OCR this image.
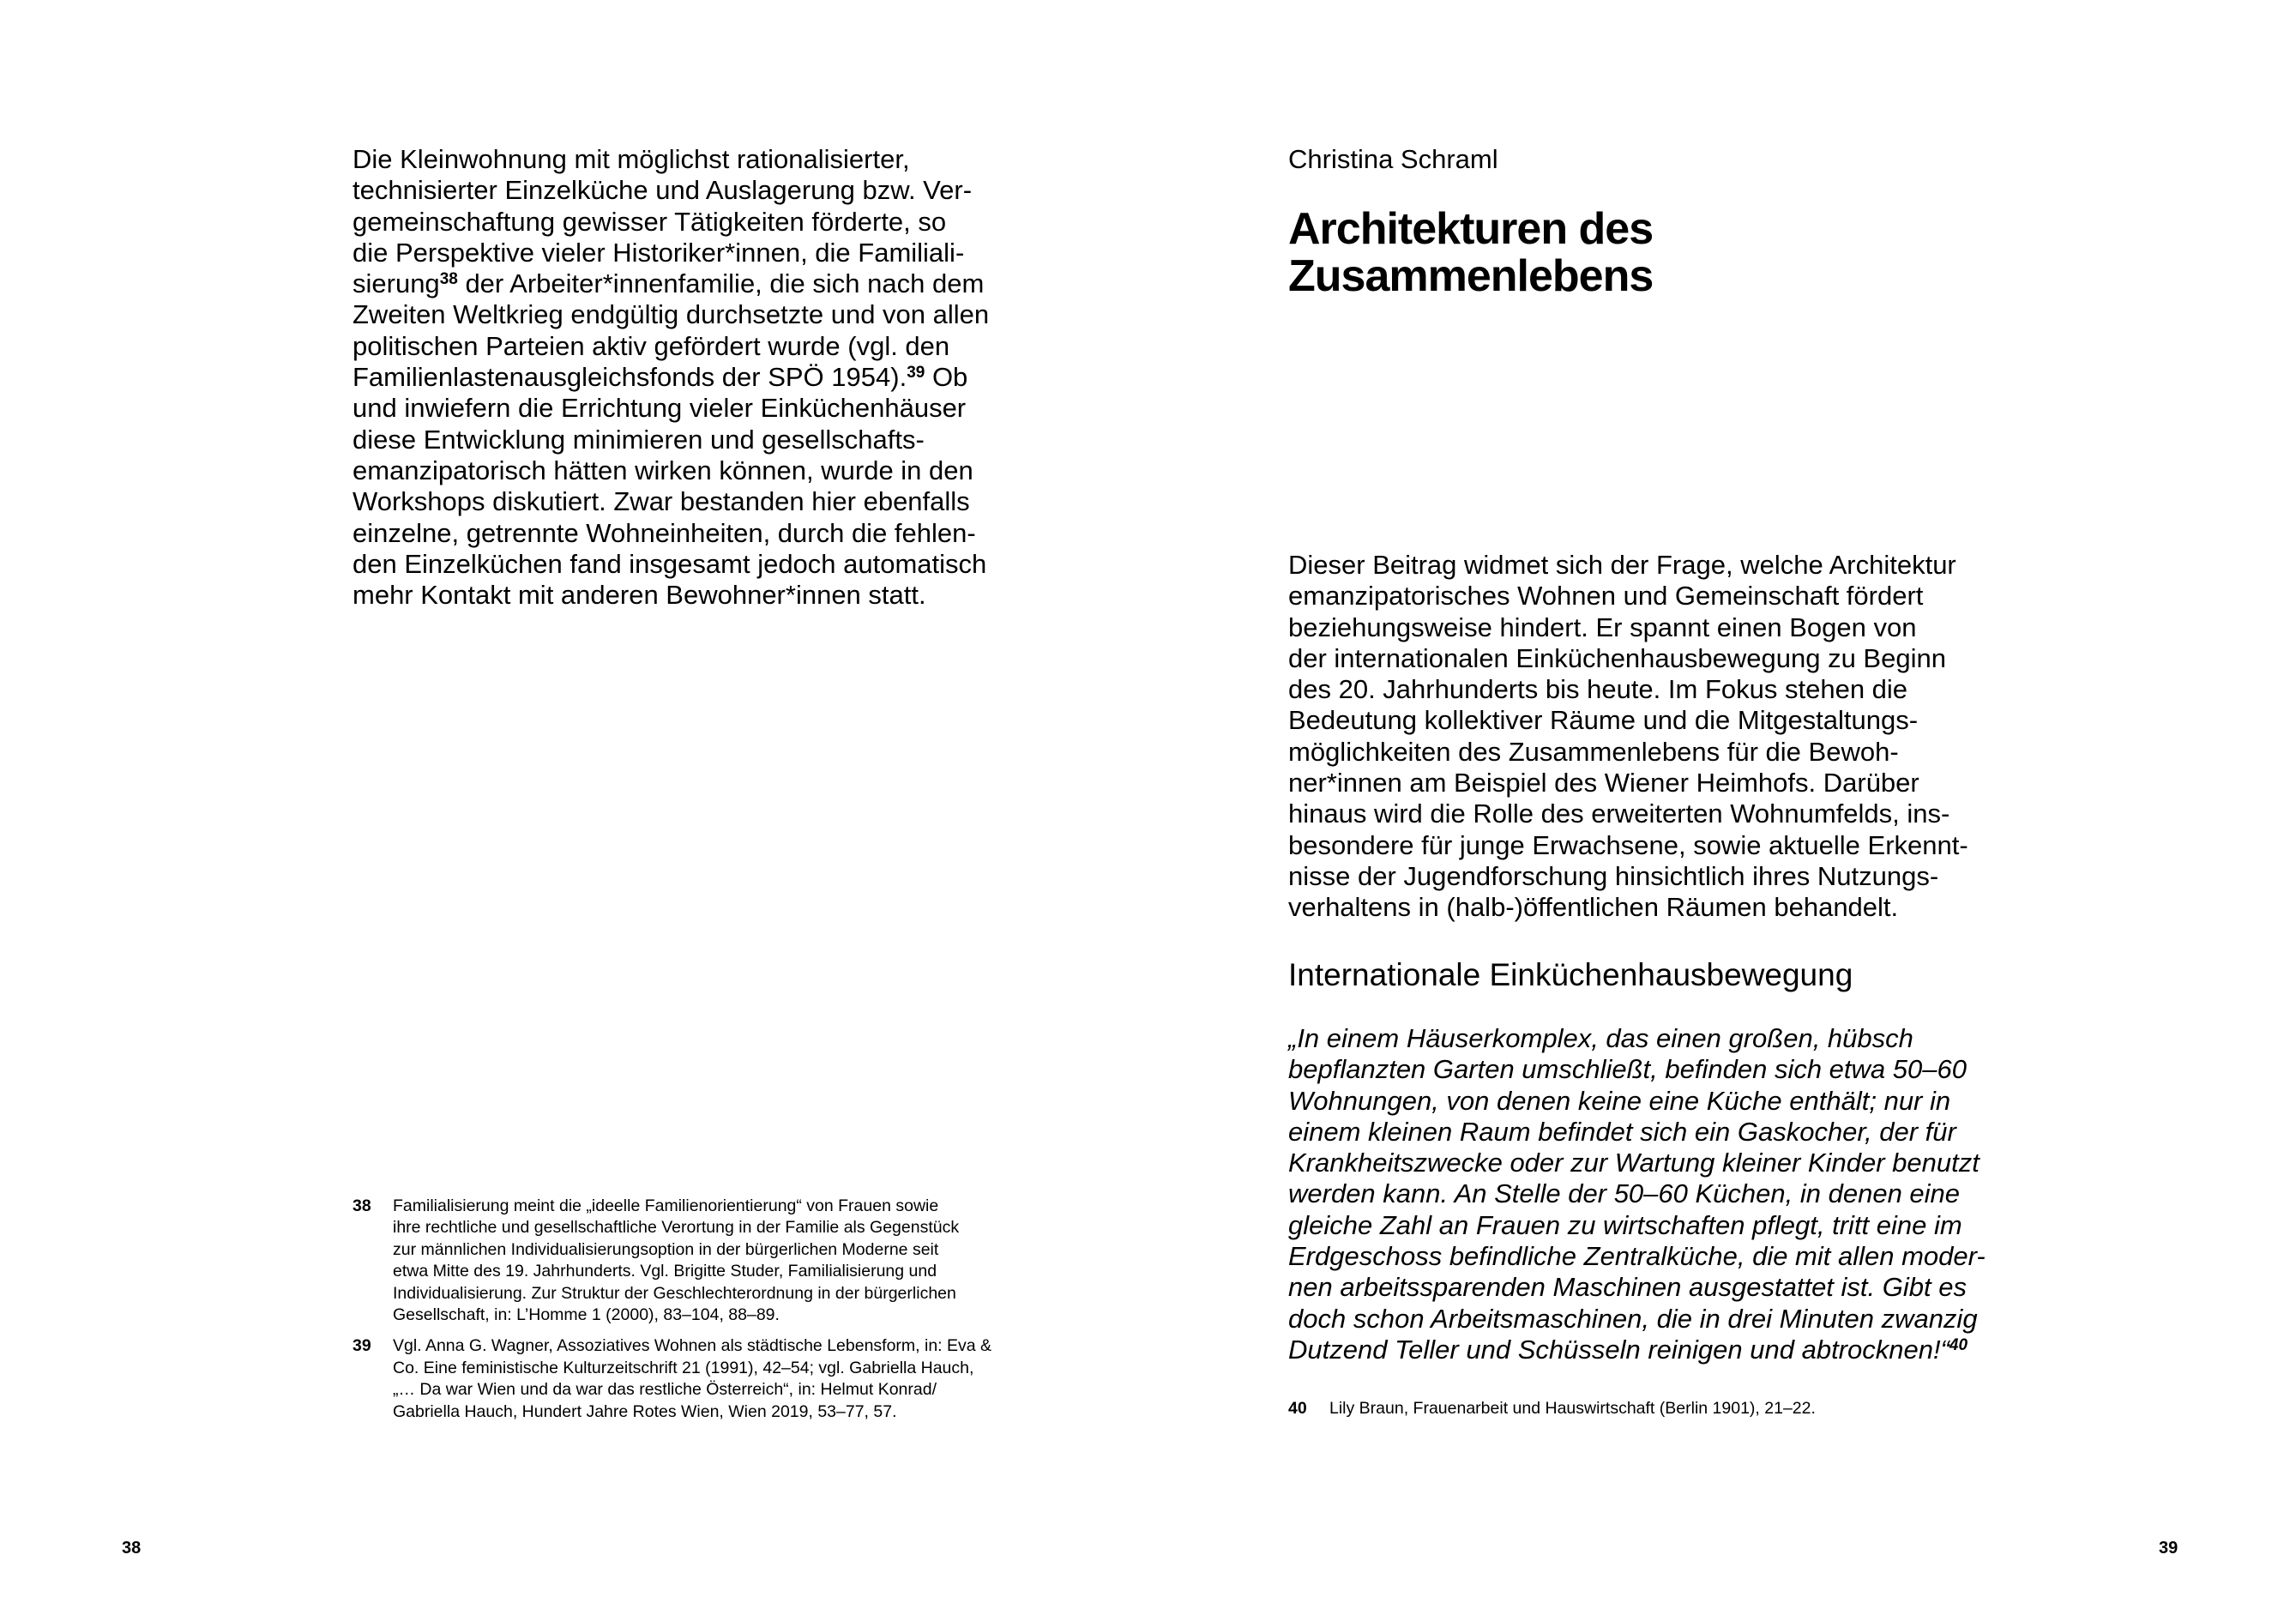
Die Kleinwohnung mit möglichst rationalisierter,
technisierter Einzelküche und Auslagerung bzw. Ver-
gemeinschaftung gewisser Tätigkeiten förderte, so
die Perspektive vieler Historiker*innen, die Familiali-
sierung$^{38}$ der Arbeiter*innenfamilie, die sich nach dem
Zweiten Weltkrieg endgültig durchsetzte und von allen
politischen Parteien aktiv gefördert wurde (vgl. den
Familienlastenausgleichsfonds der SPÖ 1954).$^{39}$ Ob
und inwiefern die Errichtung vieler Einküchenhäuser
diese Entwicklung minimieren und gesellschafts-
emanzipatorisch hätten wirken können, wurde in den
Workshops diskutiert. Zwar bestanden hier ebenfalls
einzelne, getrennte Wohneinheiten, durch die fehlen-
den Einzelküchen fand insgesamt jedoch automatisch
mehr Kontakt mit anderen Bewohner*innen statt.
38 Familialisierung meint die „ideelle Familienorientierung“ von Frauen sowie
ihre rechtliche und gesellschaftliche Verortung in der Familie als Gegenstück
zur männlichen Individualisierungsoption in der bürgerlichen Moderne seit
etwa Mitte des 19. Jahrhunderts. Vgl. Brigitte Studer, Familialisierung und
Individualisierung. Zur Struktur der Geschlechterordnung in der bürgerlichen
Gesellschaft, in: L’Homme 1 (2000), 83–104, 88–89.
39 Vgl. Anna G. Wagner, Assoziatives Wohnen als städtische Lebensform, in: Eva &
Co. Eine feministische Kulturzeitschrift 21 (1991), 42–54; vgl. Gabriella Hauch,
„… Da war Wien und da war das restliche Österreich“, in: Helmut Konrad/
Gabriella Hauch, Hundert Jahre Rotes Wien, Wien 2019, 53–77, 57.
38
Christina Schraml
Architekturen des
Zusammenlebens
Dieser Beitrag widmet sich der Frage, welche Architektur
emanzipatorisches Wohnen und Gemeinschaft fördert
beziehungsweise hindert. Er spannt einen Bogen von
der internationalen Einküchenhausbewegung zu Beginn
des 20. Jahrhunderts bis heute. Im Fokus stehen die
Bedeutung kollektiver Räume und die Mitgestaltungs-
möglichkeiten des Zusammenlebens für die Bewoh-
ner*innen am Beispiel des Wiener Heimhofs. Darüber
hinaus wird die Rolle des erweiterten Wohnumfelds, ins-
besondere für junge Erwachsene, sowie aktuelle Erkennt-
nisse der Jugendforschung hinsichtlich ihres Nutzungs-
verhaltens in (halb-)öffentlichen Räumen behandelt.
Internationale Einküchenhausbewegung
„In einem Häuserkomplex, das einen großen, hübsch
bepflanzten Garten umschließt, befinden sich etwa 50–60
Wohnungen, von denen keine eine Küche enthält; nur in
einem kleinen Raum befindet sich ein Gaskocher, der für
Krankheitszwecke oder zur Wartung kleiner Kinder benutzt
werden kann. An Stelle der 50–60 Küchen, in denen eine
gleiche Zahl an Frauen zu wirtschaften pflegt, tritt eine im
Erdgeschoss befindliche Zentralküche, die mit allen moder-
nen arbeitssparenden Maschinen ausgestattet ist. Gibt es
doch schon Arbeitsmaschinen, die in drei Minuten zwanzig
Dutzend Teller und Schüsseln reinigen und abtrocknen!“$^{40}$
40 Lily Braun, Frauenarbeit und Hauswirtschaft (Berlin 1901), 21–22.
39
